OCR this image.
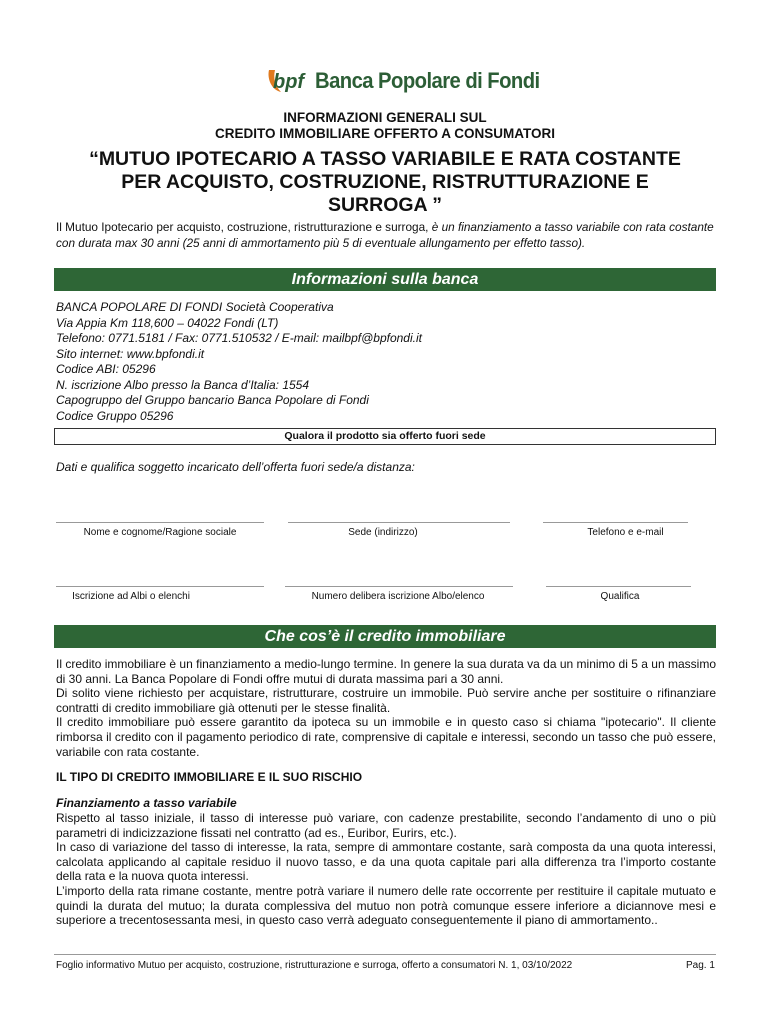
bpf Banca Popolare di Fondi
INFORMAZIONI GENERALI SUL
CREDITO IMMOBILIARE OFFERTO A CONSUMATORI
“MUTUO IPOTECARIO A TASSO VARIABILE E RATA COSTANTE
PER ACQUISTO, COSTRUZIONE, RISTRUTTURAZIONE E
SURROGA ”
Il Mutuo Ipotecario per acquisto, costruzione, ristrutturazione e surroga, è un finanziamento a tasso variabile con rata costante con durata max 30 anni (25 anni di ammortamento più 5 di eventuale allungamento per effetto tasso).
Informazioni sulla banca
BANCA POPOLARE DI FONDI Società Cooperativa
Via Appia Km 118,600 – 04022 Fondi (LT)
Telefono: 0771.5181 / Fax: 0771.510532 / E-mail: mailbpf@bpfondi.it
Sito internet: www.bpfondi.it
Codice ABI: 05296
N. iscrizione Albo presso la Banca d’Italia: 1554
Capogruppo del Gruppo bancario Banca Popolare di Fondi
Codice Gruppo 05296
Qualora il prodotto sia offerto fuori sede
Dati e qualifica soggetto incaricato dell’offerta fuori sede/a distanza:
Nome e cognome/Ragione sociale	Sede (indirizzo)	Telefono e e-mail
Iscrizione ad Albi o elenchi	Numero delibera iscrizione Albo/elenco	Qualifica
Che cos’è il credito immobiliare

Il credito immobiliare è un finanziamento a medio-lungo termine. In genere la sua durata va da un minimo di 5 a un massimo di 30 anni. La Banca Popolare di Fondi offre mutui di durata massima pari a 30 anni.

Di solito viene richiesto per acquistare, ristrutturare, costruire un immobile. Può servire anche per sostituire o rifinanziare contratti di credito immobiliare già ottenuti per le stesse finalità.

Il credito immobiliare può essere garantito da ipoteca su un immobile e in questo caso si chiama "ipotecario". Il cliente rimborsa il credito con il pagamento periodico di rate, comprensive di capitale e interessi, secondo un tasso che può essere, variabile con rata costante.

IL TIPO DI CREDITO IMMOBILIARE E IL SUO RISCHIO
Finanziamento a tasso variabile

Rispetto al tasso iniziale, il tasso di interesse può variare, con cadenze prestabilite, secondo l’andamento di uno o più parametri di indicizzazione fissati nel contratto (ad es., Euribor, Eurirs, etc.).

In caso di variazione del tasso di interesse, la rata, sempre di ammontare costante, sarà composta da una quota interessi, calcolata applicando al capitale residuo il nuovo tasso, e da una quota capitale pari alla differenza tra l’importo costante della rata e la nuova quota interessi.

L’importo della rata rimane costante, mentre potrà variare il numero delle rate occorrente per restituire il capitale mutuato e quindi la durata del mutuo; la durata complessiva del mutuo non potrà comunque essere inferiore a diciannove mesi e superiore a trecentosessanta mesi, in questo caso verrà adeguato conseguentemente il piano di ammortamento..

Foglio informativo Mutuo per acquisto, costruzione, ristrutturazione e surroga, offerto a consumatori N. 1, 03/10/2022	Pag. 1
